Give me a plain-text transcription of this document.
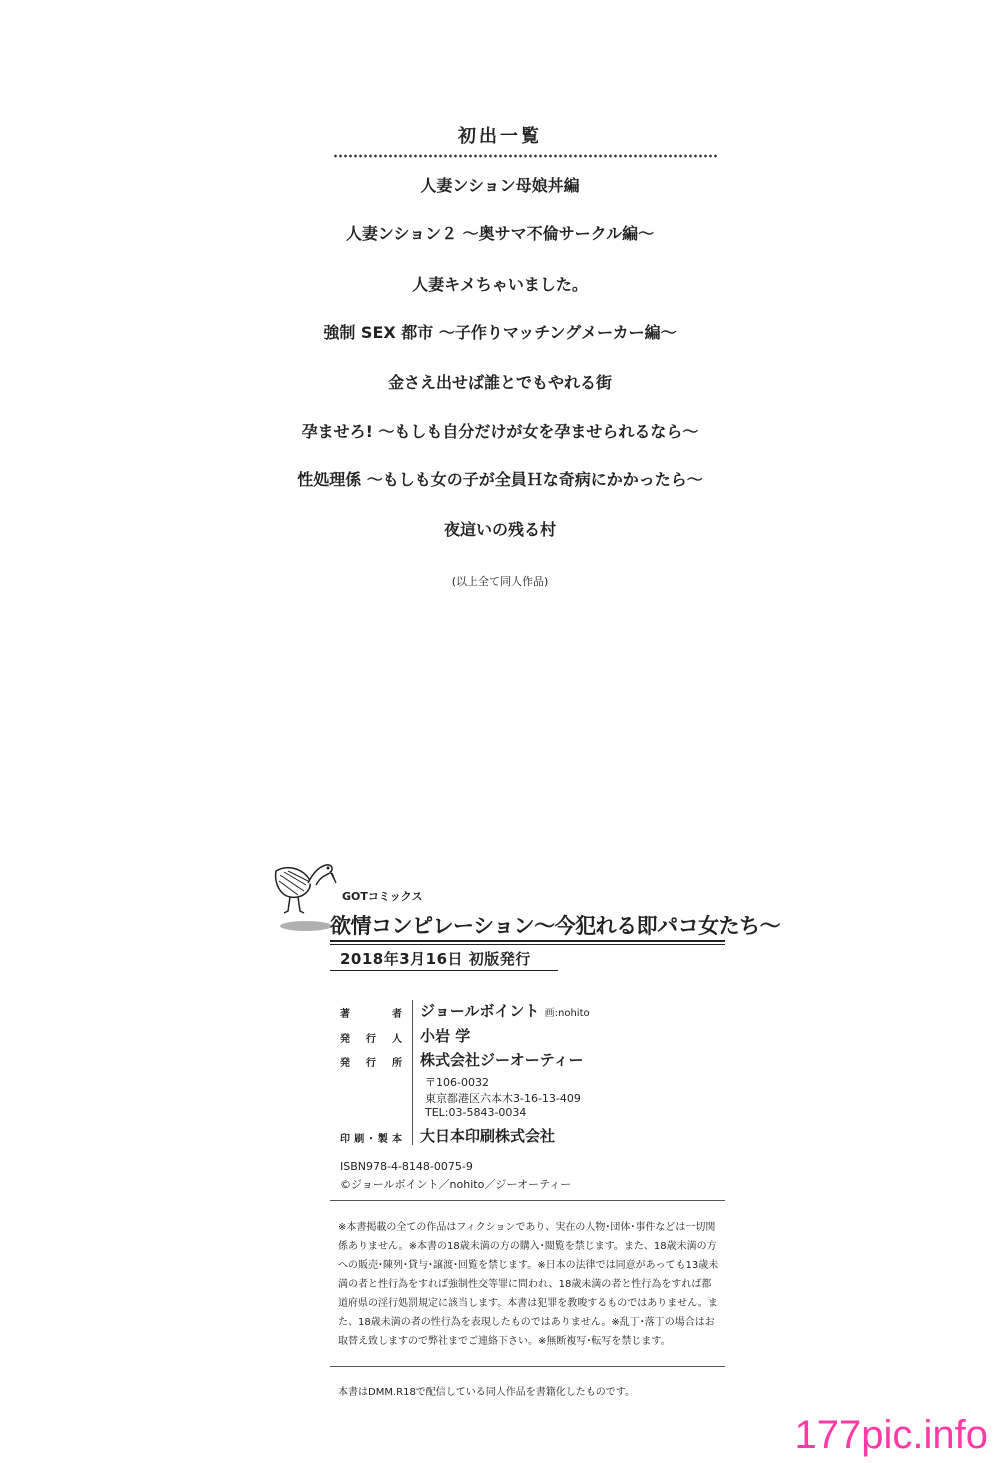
初出一覧
人妻ンション母娘丼編
人妻ンション２ 〜奥サマ不倫サークル編〜
人妻キメちゃいました。
強制 SEX 都市 〜子作りマッチングメーカー編〜
金さえ出せば誰とでもやれる街
孕ませろ! 〜もしも自分だけが女を孕ませられるなら〜
性処理係 〜もしも女の子が全員Ｈな奇病にかかったら〜
夜這いの残る村
(以上全て同人作品)
GOTコミックス
欲情コンピレーション〜今犯れる即パコ女たち〜
2018年3月16日 初版発行
著 者 ジョールボイント 画:nohito
発行人 小岩 学
発行所 株式会社ジーオーティー
〒106-0032
東京都港区六本木3-16-13-409
TEL:03-5843-0034
印刷･製本 大日本印刷株式会社
ISBN978-4-8148-0075-9
©ジョールボイント／nohito／ジーオーティー
※本書掲載の全ての作品はフィクションであり、実在の人物･団体･事件などは一切関係ありません。※本書の18歳未満の方の購入･閲覧を禁じます。また、18歳未満の方への販売･陳列･貸与･譲渡･回覧を禁じます。※日本の法律では同意があっても13歳未満の者と性行為をすれば強制性交等罪に問われ、18歳未満の者と性行為をすれば都道府県の淫行処罰規定に該当します。本書は犯罪を教唆するものではありません。また、18歳未満の者の性行為を表現したものではありません。※乱丁･落丁の場合はお取替え致しますので弊社までご連絡下さい。※無断複写･転写を禁じます。
本書はDMM.R18で配信している同人作品を書籍化したものです。
177pic.info
